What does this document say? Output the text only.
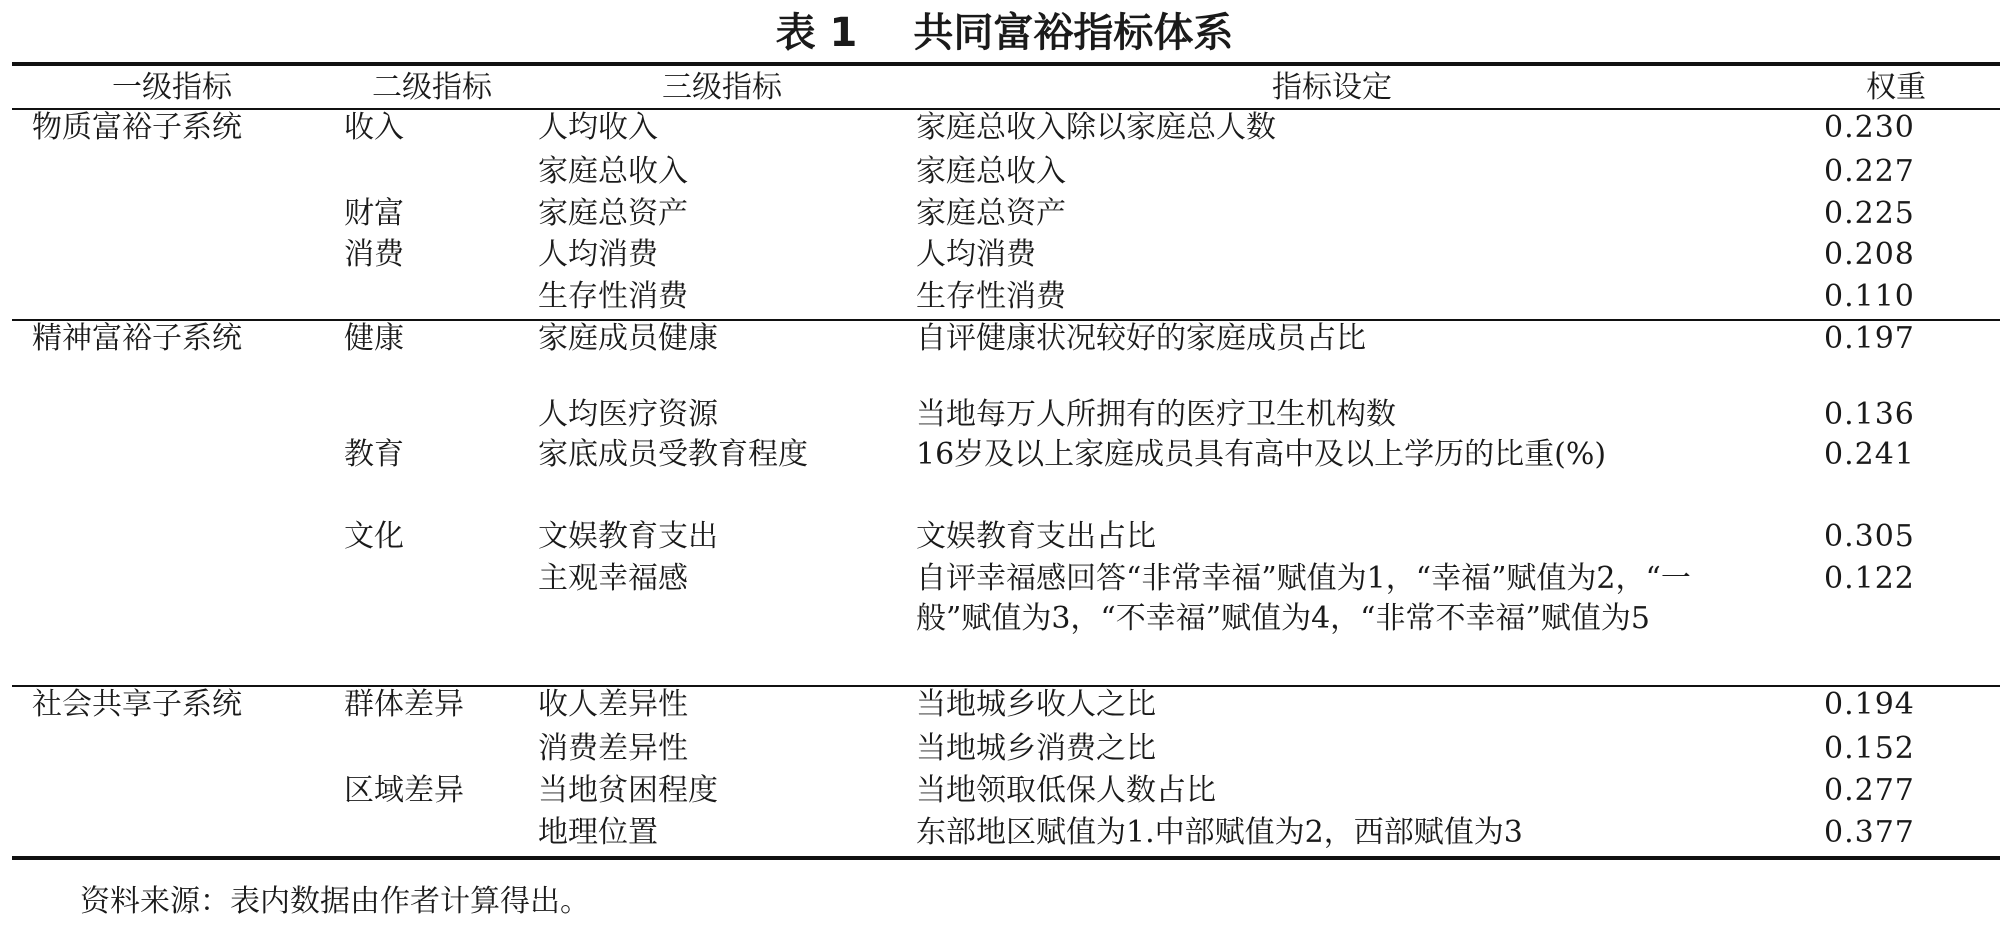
表 1 共同富裕指标体系
一级指标	二级指标	三级指标	指标设定	权重
物质富裕子系统	收入	人均收入	家庭总收入除以家庭总人数	0.230
		家庭总收入	家庭总收入	0.227
	财富	家庭总资产	家庭总资产	0.225
	消费	人均消费	人均消费	0.208
		生存性消费	生存性消费	0.110
精神富裕子系统	健康	家庭成员健康	自评健康状况较好的家庭成员占比	0.197
		人均医疗资源	当地每万人所拥有的医疗卫生机构数	0.136
	教育	家底成员受教育程度	16岁及以上家庭成员具有高中及以上学历的比重(%)	0.241
	文化	文娱教育支出	文娱教育支出占比	0.305
		主观幸福感	自评幸福感回答“非常幸福”赋值为1，“幸福”赋值为2，“一般”赋值为3，“不幸福”赋值为4，“非常不幸福”赋值为5	0.122
社会共享子系统	群体差异	收人差异性	当地城乡收人之比	0.194
		消费差异性	当地城乡消费之比	0.152
	区域差异	当地贫困程度	当地领取低保人数占比	0.277
		地理位置	东部地区赋值为1.中部赋值为2，西部赋值为3	0.377
资料来源：表内数据由作者计算得出。
